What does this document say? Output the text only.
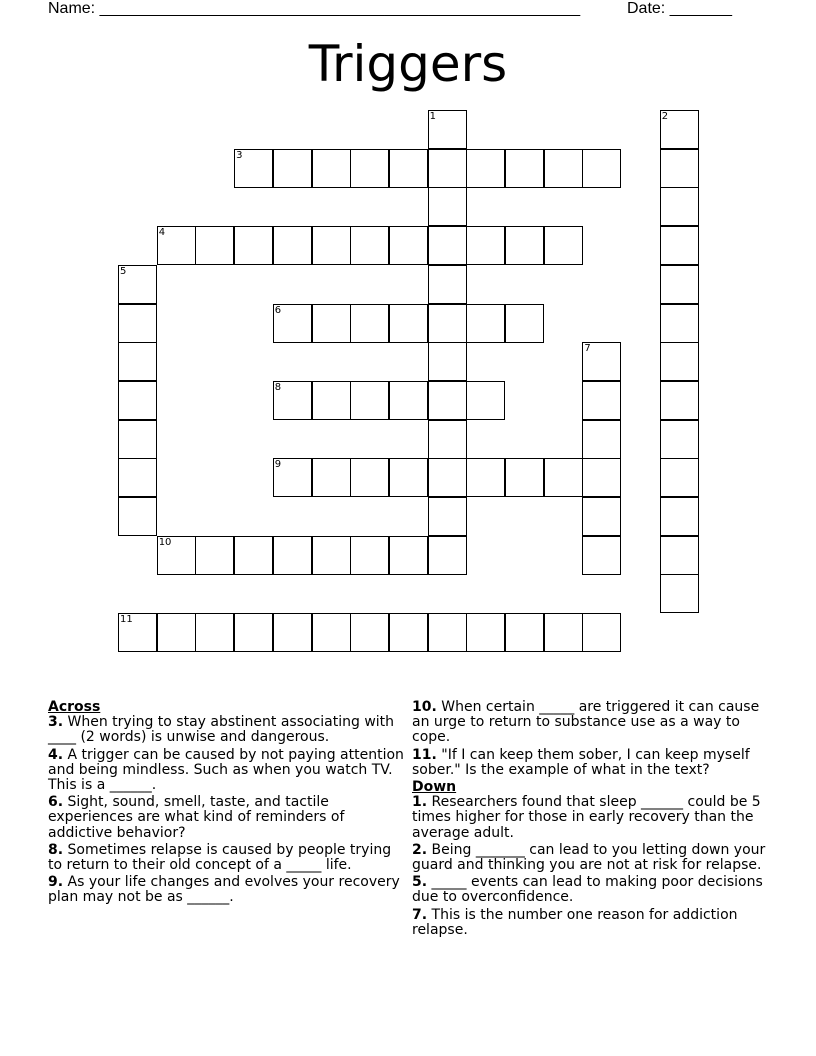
Name: ______________________________________________________	Date: _______
Triggers
1	2
3
4
5
6
7
8
9
10
11

Across

3. When trying to stay abstinent associating with ____ (2 words) is unwise and dangerous.
4. A trigger can be caused by not paying attention and being mindless. Such as when you watch TV. This is a ______.
6. Sight, sound, smell, taste, and tactile experiences are what kind of reminders of addictive behavior?
8. Sometimes relapse is caused by people trying to return to their old concept of a _____ life.
9. As your life changes and evolves your recovery plan may not be as ______.
10. When certain _____ are triggered it can cause an urge to return to substance use as a way to cope.
11. "If I can keep them sober, I can keep myself sober." Is the example of what in the text?

Down

1. Researchers found that sleep ______ could be 5 times higher for those in early recovery than the average adult.
2. Being _______ can lead to you letting down your guard and thinking you are not at risk for relapse.
5. _____ events can lead to making poor decisions due to overconfidence.
7. This is the number one reason for addiction relapse.
